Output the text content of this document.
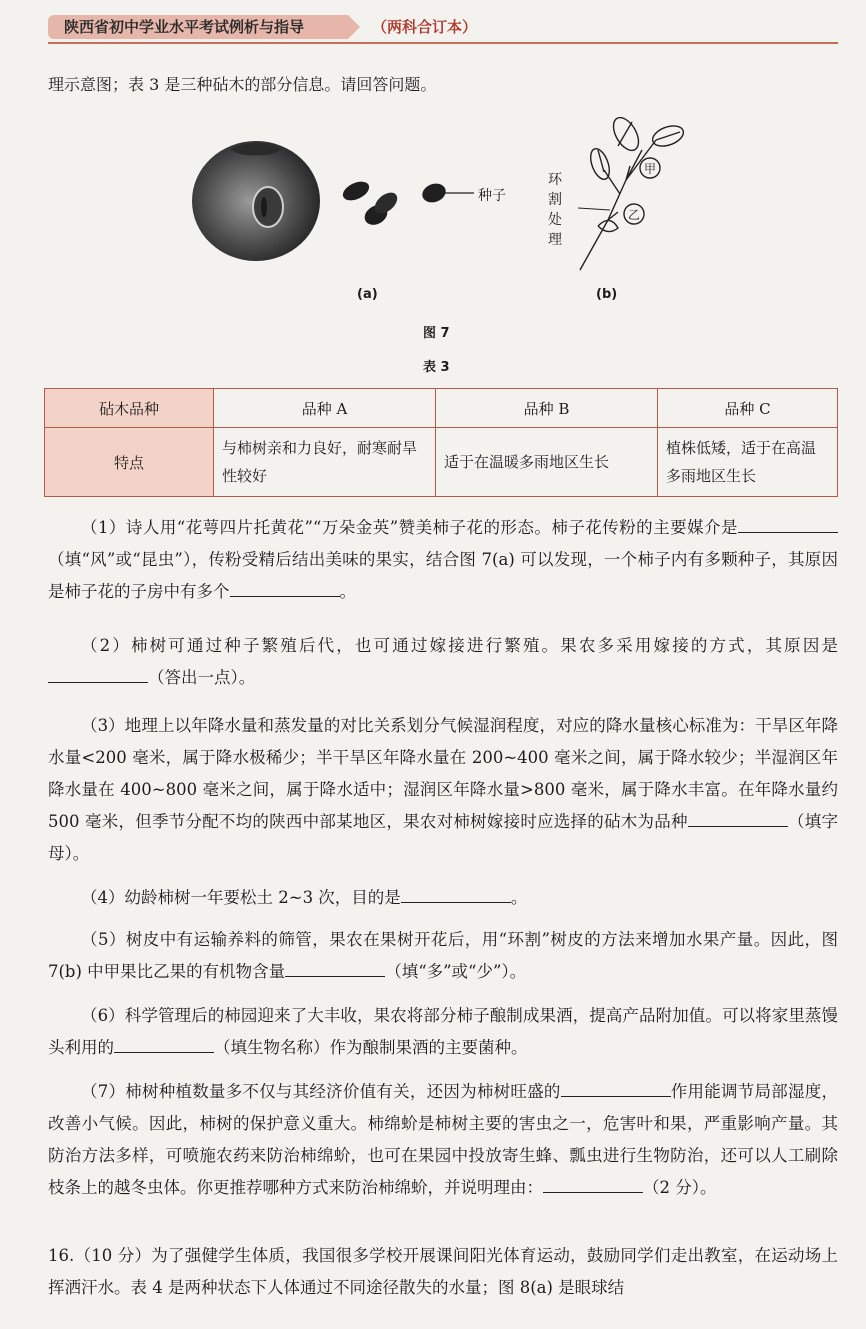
陕西省初中学业水平考试例析与指导	（两科合订本）
理示意图；表 3 是三种砧木的部分信息。请回答问题。
种子
(a)
甲
乙
环
割
处
理
(b)
图 7
表 3
砧木品种	品种 A	品种 B	品种 C
特点	与柿树亲和力良好，耐寒耐旱性较好	适于在温暖多雨地区生长	植株低矮，适于在高温多雨地区生长
（1）诗人用“花萼四片托黄花”“万朵金英”赞美柿子花的形态。柿子花传粉的主要媒介是（填“风”或“昆虫”），传粉受精后结出美味的果实，结合图 7(a) 可以发现，一个柿子内有多颗种子，其原因是柿子花的子房中有多个	。
（2）柿树可通过种子繁殖后代，也可通过嫁接进行繁殖。果农多采用嫁接的方式，其原因是（答出一点）。
（3）地理上以年降水量和蒸发量的对比关系划分气候湿润程度，对应的降水量核心标准为：干旱区年降水量<200 毫米，属于降水极稀少；半干旱区年降水量在 200~400 毫米之间，属于降水较少；半湿润区年降水量在 400~800 毫米之间，属于降水适中；湿润区年降水量>800 毫米，属于降水丰富。在年降水量约 500 毫米，但季节分配不均的陕西中部某地区，果农对柿树嫁接时应选择的砧木为品种	（填字母）。
（4）幼龄柿树一年要松土 2~3 次，目的是	。
（5）树皮中有运输养料的筛管，果农在果树开花后，用“环割”树皮的方法来增加水果产量。因此，图 7(b) 中甲果比乙果的有机物含量	（填“多”或“少”）。
（6）科学管理后的柿园迎来了大丰收，果农将部分柿子酿制成果酒，提高产品附加值。可以将家里蒸馒头利用的	（填生物名称）作为酿制果酒的主要菌种。
（7）柿树种植数量多不仅与其经济价值有关，还因为柿树旺盛的	作用能调节局部湿度，改善小气候。因此，柿树的保护意义重大。柿绵蚧是柿树主要的害虫之一，危害叶和果，严重影响产量。其防治方法多样，可喷施农药来防治柿绵蚧，也可在果园中投放寄生蜂、瓢虫进行生物防治，还可以人工刷除枝条上的越冬虫体。你更推荐哪种方式来防治柿绵蚧，并说明理由：	（2 分）。
16.（10 分）为了强健学生体质，我国很多学校开展课间阳光体育运动，鼓励同学们走出教室，在运动场上挥洒汗水。表 4 是两种状态下人体通过不同途径散失的水量；图 8(a) 是眼球结
